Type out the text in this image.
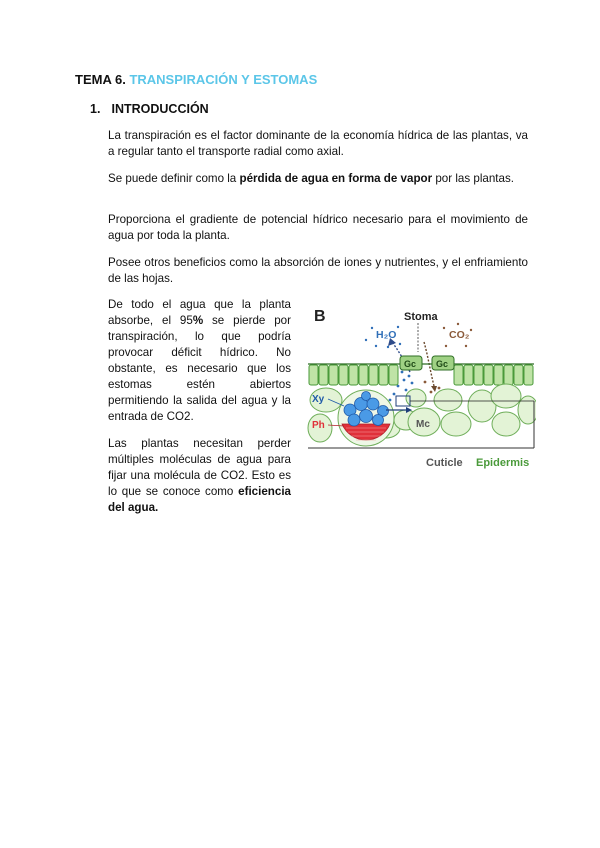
TEMA 6. TRANSPIRACIÓN Y ESTOMAS
1. INTRODUCCIÓN
La transpiración es el factor dominante de la economía hídrica de las plantas, va a regular tanto el transporte radial como axial.
Se puede definir como la pérdida de agua en forma de vapor por las plantas.
Proporciona el gradiente de potencial hídrico necesario para el movimiento de agua por toda la planta.
Posee otros beneficios como la absorción de iones y nutrientes, y el enfriamiento de las hojas.
De todo el agua que la planta absorbe, el 95% se pierde por transpiración, lo que podría provocar déficit hídrico. No obstante, es necesario que los estomas estén abiertos permitiendo la salida del agua y la entrada de CO2.
Las plantas necesitan perder múltiples moléculas de agua para fijar una molécula de CO2. Esto es lo que se conoce como eficiencia del agua.
B	Stoma
H₂O	CO₂
Gc Gc
Mc
Xy
Ph
Cuticle Epidermis
